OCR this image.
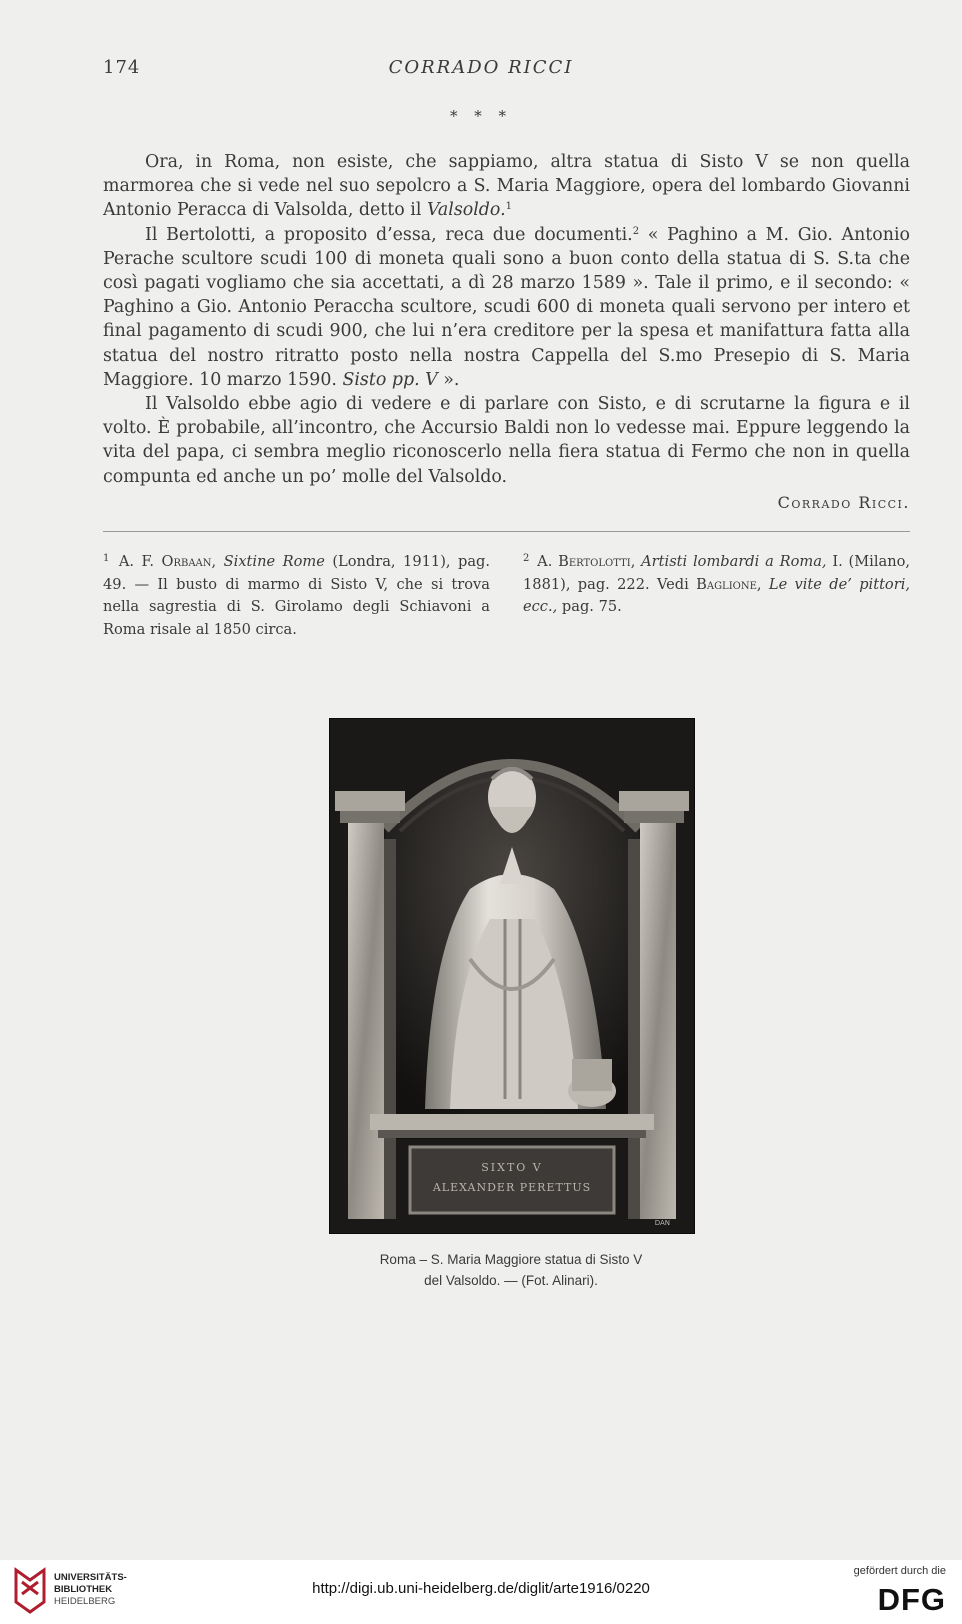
174	CORRADO RICCI
* * *

Ora, in Roma, non esiste, che sappiamo, altra statua di Sisto V se non quella marmorea che si vede nel suo sepolcro a S. Maria Maggiore, opera del lombardo Giovanni Antonio Peracca di Valsolda, detto il Valsoldo.$^1$

Il Bertolotti, a proposito d’essa, reca due documenti.$^2$ « Paghino a M. Gio. Antonio Perache scultore scudi 100 di moneta quali sono a buon conto della statua di S. S.ta che così pagati vogliamo che sia accettati, a dì 28 marzo 1589 ». Tale il primo, e il secondo: « Paghino a Gio. Antonio Peraccha scultore, scudi 600 di moneta quali servono per intero et final pagamento di scudi 900, che lui n’era creditore per la spesa et manifattura fatta alla statua del nostro ritratto posto nella nostra Cappella del S.mo Presepio di S. Maria Maggiore. 10 marzo 1590. Sisto pp. V ».

Il Valsoldo ebbe agio di vedere e di parlare con Sisto, e di scrutarne la figura e il volto. È probabile, all’incontro, che Accursio Baldi non lo vedesse mai. Eppure leggendo la vita del papa, ci sembra meglio riconoscerlo nella fiera statua di Fermo che non in quella compunta ed anche un po’ molle del Valsoldo.

Corrado Ricci.
$^1$ A. F. Orbaan, Sixtine Rome (Londra, 1911), pag. 49. — Il busto di marmo di Sisto V, che si trova nella sagrestia di S. Girolamo degli Schiavoni a Roma risale al 1850 circa.
$^2$ A. Bertolotti, Artisti lombardi a Roma, I. (Milano, 1881), pag. 222. Vedi Baglione, Le vite de’ pittori, ecc., pag. 75.
SIXTO V
ALEXANDER PERETTUS
DAN
Roma – S. Maria Maggiore statua di Sisto V
del Valsoldo. — (Fot. Alinari).
UNIVERSITÄTS-
BIBLIOTHEK
HEIDELBERG
http://digi.ub.uni-heidelberg.de/diglit/arte1916/0220
gefördert durch die
DFG
